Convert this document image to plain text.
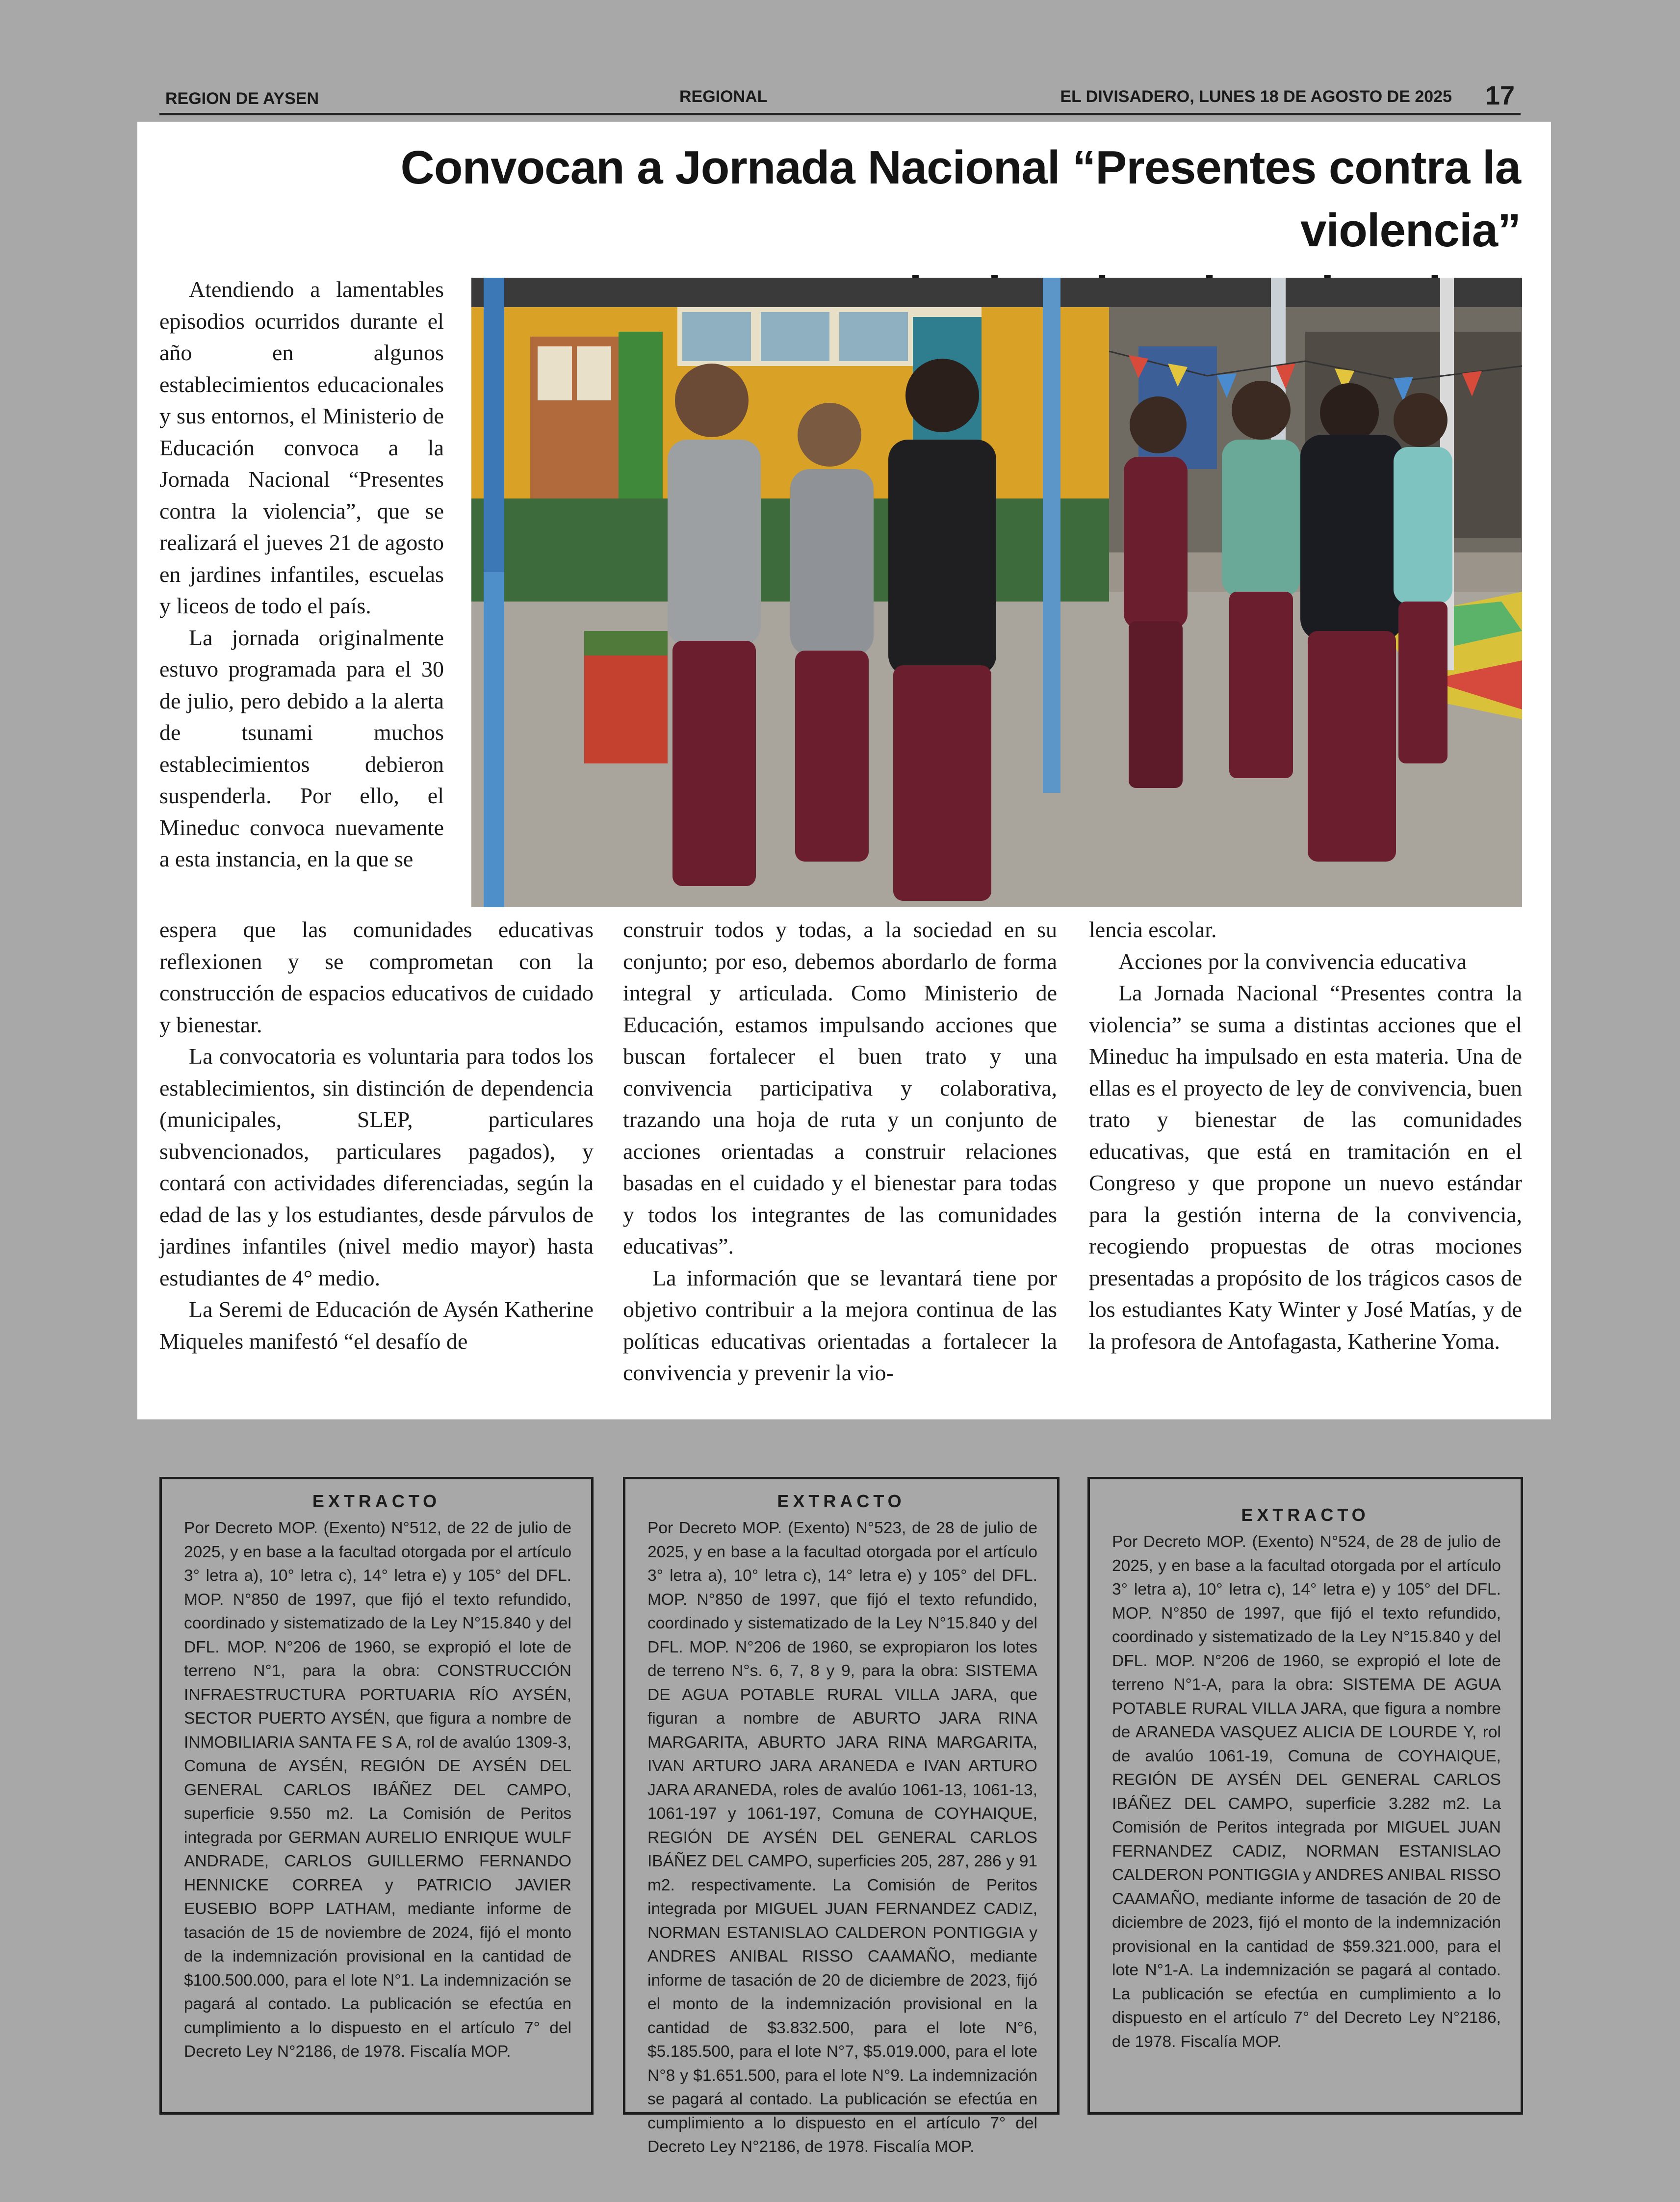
REGION DE AYSEN	REGIONAL	EL DIVISADERO, LUNES 18 DE AGOSTO DE 2025 17
Convocan a Jornada Nacional “Presentes contra la violencia”

Atendiendo a lamentables episodios ocurridos durante el año en algunos establecimientos educacionales y sus entornos, el Ministerio de Educación convoca a la Jornada Nacional “Presentes contra la violencia”, que se realizará el jueves 21 de agosto en jardines infantiles, escuelas y liceos de todo el país.

La jornada originalmente estuvo programada para el 30 de julio, pero debido a la alerta de tsunami muchos establecimientos debieron suspenderla. Por ello, el Mineduc convoca nuevamente a esta instancia, en la que se

espera que las comunidades educativas reflexionen y se comprometan con la construcción de espacios educativos de cuidado y bienestar.

La convocatoria es voluntaria para todos los establecimientos, sin distinción de dependencia (municipales, SLEP, particulares subvencionados, particulares pagados), y contará con actividades diferenciadas, según la edad de las y los estudiantes, desde párvulos de jardines infantiles (nivel medio mayor) hasta estudiantes de 4° medio.

La Seremi de Educación de Aysén Katherine Miqueles manifestó “el desafío de

construir todos y todas, a la sociedad en su conjunto; por eso, debemos abordarlo de forma integral y articulada. Como Ministerio de Educación, estamos impulsando acciones que buscan fortalecer el buen trato y una convivencia participativa y colaborativa, trazando una hoja de ruta y un conjunto de acciones orientadas a construir relaciones basadas en el cuidado y el bienestar para todas y todos los integrantes de las comunidades educativas”.

La información que se levantará tiene por objetivo contribuir a la mejora continua de las políticas educativas orientadas a fortalecer la convivencia y prevenir la vio-

lencia escolar.

Acciones por la convivencia educativa

La Jornada Nacional “Presentes contra la violencia” se suma a distintas acciones que el Mineduc ha impulsado en esta materia. Una de ellas es el proyecto de ley de convivencia, buen trato y bienestar de las comunidades educativas, que está en tramitación en el Congreso y que propone un nuevo estándar para la gestión interna de la convivencia, recogiendo propuestas de otras mociones presentadas a propósito de los trágicos casos de los estudiantes Katy Winter y José Matías, y de la profesora de Antofagasta, Katherine Yoma.

EXTRACTO
Por Decreto MOP. (Exento) N°512, de 22 de julio de 2025, y en base a la facultad otorgada por el artículo 3° letra a), 10° letra c), 14° letra e) y 105° del DFL. MOP. N°850 de 1997, que fijó el texto refundido, coordinado y sistematizado de la Ley N°15.840 y del DFL. MOP. N°206 de 1960, se expropió el lote de terreno N°1, para la obra: CONSTRUCCIÓN INFRAESTRUCTURA PORTUARIA RÍO AYSÉN, SECTOR PUERTO AYSÉN, que figura a nombre de INMOBILIARIA SANTA FE S A, rol de avalúo 1309-3, Comuna de AYSÉN, REGIÓN DE AYSÉN DEL GENERAL CARLOS IBÁÑEZ DEL CAMPO, superficie 9.550 m2. La Comisión de Peritos integrada por GERMAN AURELIO ENRIQUE WULF ANDRADE, CARLOS GUILLERMO FERNANDO HENNICKE CORREA y PATRICIO JAVIER EUSEBIO BOPP LATHAM, mediante informe de tasación de 15 de noviembre de 2024, fijó el monto de la indemnización provisional en la cantidad de $100.500.000, para el lote N°1. La indemnización se pagará al contado. La publicación se efectúa en cumplimiento a lo dispuesto en el artículo 7° del Decreto Ley N°2186, de 1978. Fiscalía MOP.
EXTRACTO
Por Decreto MOP. (Exento) N°523, de 28 de julio de 2025, y en base a la facultad otorgada por el artículo 3° letra a), 10° letra c), 14° letra e) y 105° del DFL. MOP. N°850 de 1997, que fijó el texto refundido, coordinado y sistematizado de la Ley N°15.840 y del DFL. MOP. N°206 de 1960, se expropiaron los lotes de terreno N°s. 6, 7, 8 y 9, para la obra: SISTEMA DE AGUA POTABLE RURAL VILLA JARA, que figuran a nombre de ABURTO JARA RINA MARGARITA, ABURTO JARA RINA MARGARITA, IVAN ARTURO JARA ARANEDA e IVAN ARTURO JARA ARANEDA, roles de avalúo 1061-13, 1061-13, 1061-197 y 1061-197, Comuna de COYHAIQUE, REGIÓN DE AYSÉN DEL GENERAL CARLOS IBÁÑEZ DEL CAMPO, superficies 205, 287, 286 y 91 m2. respectivamente. La Comisión de Peritos integrada por MIGUEL JUAN FERNANDEZ CADIZ, NORMAN ESTANISLAO CALDERON PONTIGGIA y ANDRES ANIBAL RISSO CAAMAÑO, mediante informe de tasación de 20 de diciembre de 2023, fijó el monto de la indemnización provisional en la cantidad de $3.832.500, para el lote N°6, $5.185.500, para el lote N°7, $5.019.000, para el lote N°8 y $1.651.500, para el lote N°9. La indemnización se pagará al contado. La publicación se efectúa en cumplimiento a lo dispuesto en el artículo 7° del Decreto Ley N°2186, de 1978. Fiscalía MOP.
EXTRACTO
Por Decreto MOP. (Exento) N°524, de 28 de julio de 2025, y en base a la facultad otorgada por el artículo 3° letra a), 10° letra c), 14° letra e) y 105° del DFL. MOP. N°850 de 1997, que fijó el texto refundido, coordinado y sistematizado de la Ley N°15.840 y del DFL. MOP. N°206 de 1960, se expropió el lote de terreno N°1-A, para la obra: SISTEMA DE AGUA POTABLE RURAL VILLA JARA, que figura a nombre de ARANEDA VASQUEZ ALICIA DE LOURDE Y, rol de avalúo 1061-19, Comuna de COYHAIQUE, REGIÓN DE AYSÉN DEL GENERAL CARLOS IBÁÑEZ DEL CAMPO, superficie 3.282 m2. La Comisión de Peritos integrada por MIGUEL JUAN FERNANDEZ CADIZ, NORMAN ESTANISLAO CALDERON PONTIGGIA y ANDRES ANIBAL RISSO CAAMAÑO, mediante informe de tasación de 20 de diciembre de 2023, fijó el monto de la indemnización provisional en la cantidad de $59.321.000, para el lote N°1-A. La indemnización se pagará al contado. La publicación se efectúa en cumplimiento a lo dispuesto en el artículo 7° del Decreto Ley N°2186, de 1978. Fiscalía MOP.
